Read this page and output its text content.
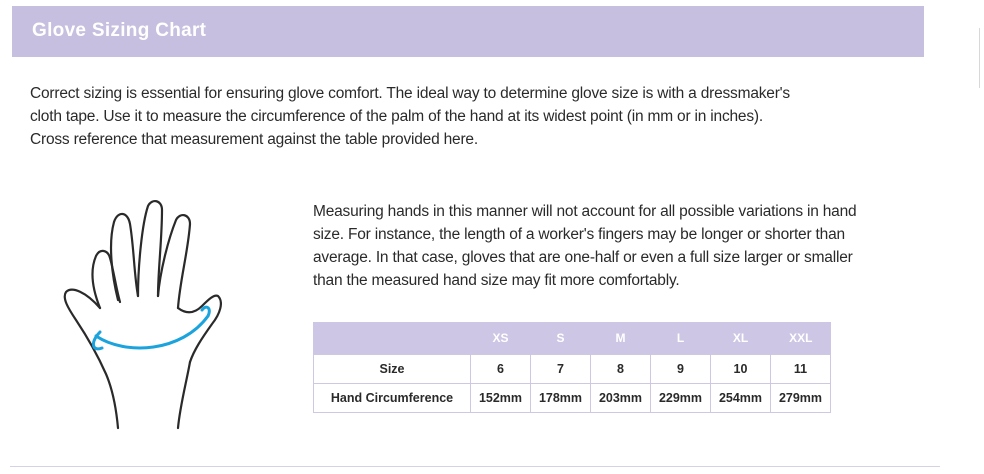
Glove Sizing Chart
Correct sizing is essential for ensuring glove comfort. The ideal way to determine glove size is with a dressmaker's
cloth tape. Use it to measure the circumference of the palm of the hand at its widest point (in mm or in inches).
Cross reference that measurement against the table provided here.
Measuring hands in this manner will not account for all possible variations in hand
size. For instance, the length of a worker's fingers may be longer or shorter than
average. In that case, gloves that are one-half or even a full size larger or smaller
than the measured hand size may fit more comfortably.
	XS	S	M	L	XL	XXL
Size	6	7	8	9	10	11
Hand Circumference	152mm	178mm	203mm	229mm	254mm	279mm
